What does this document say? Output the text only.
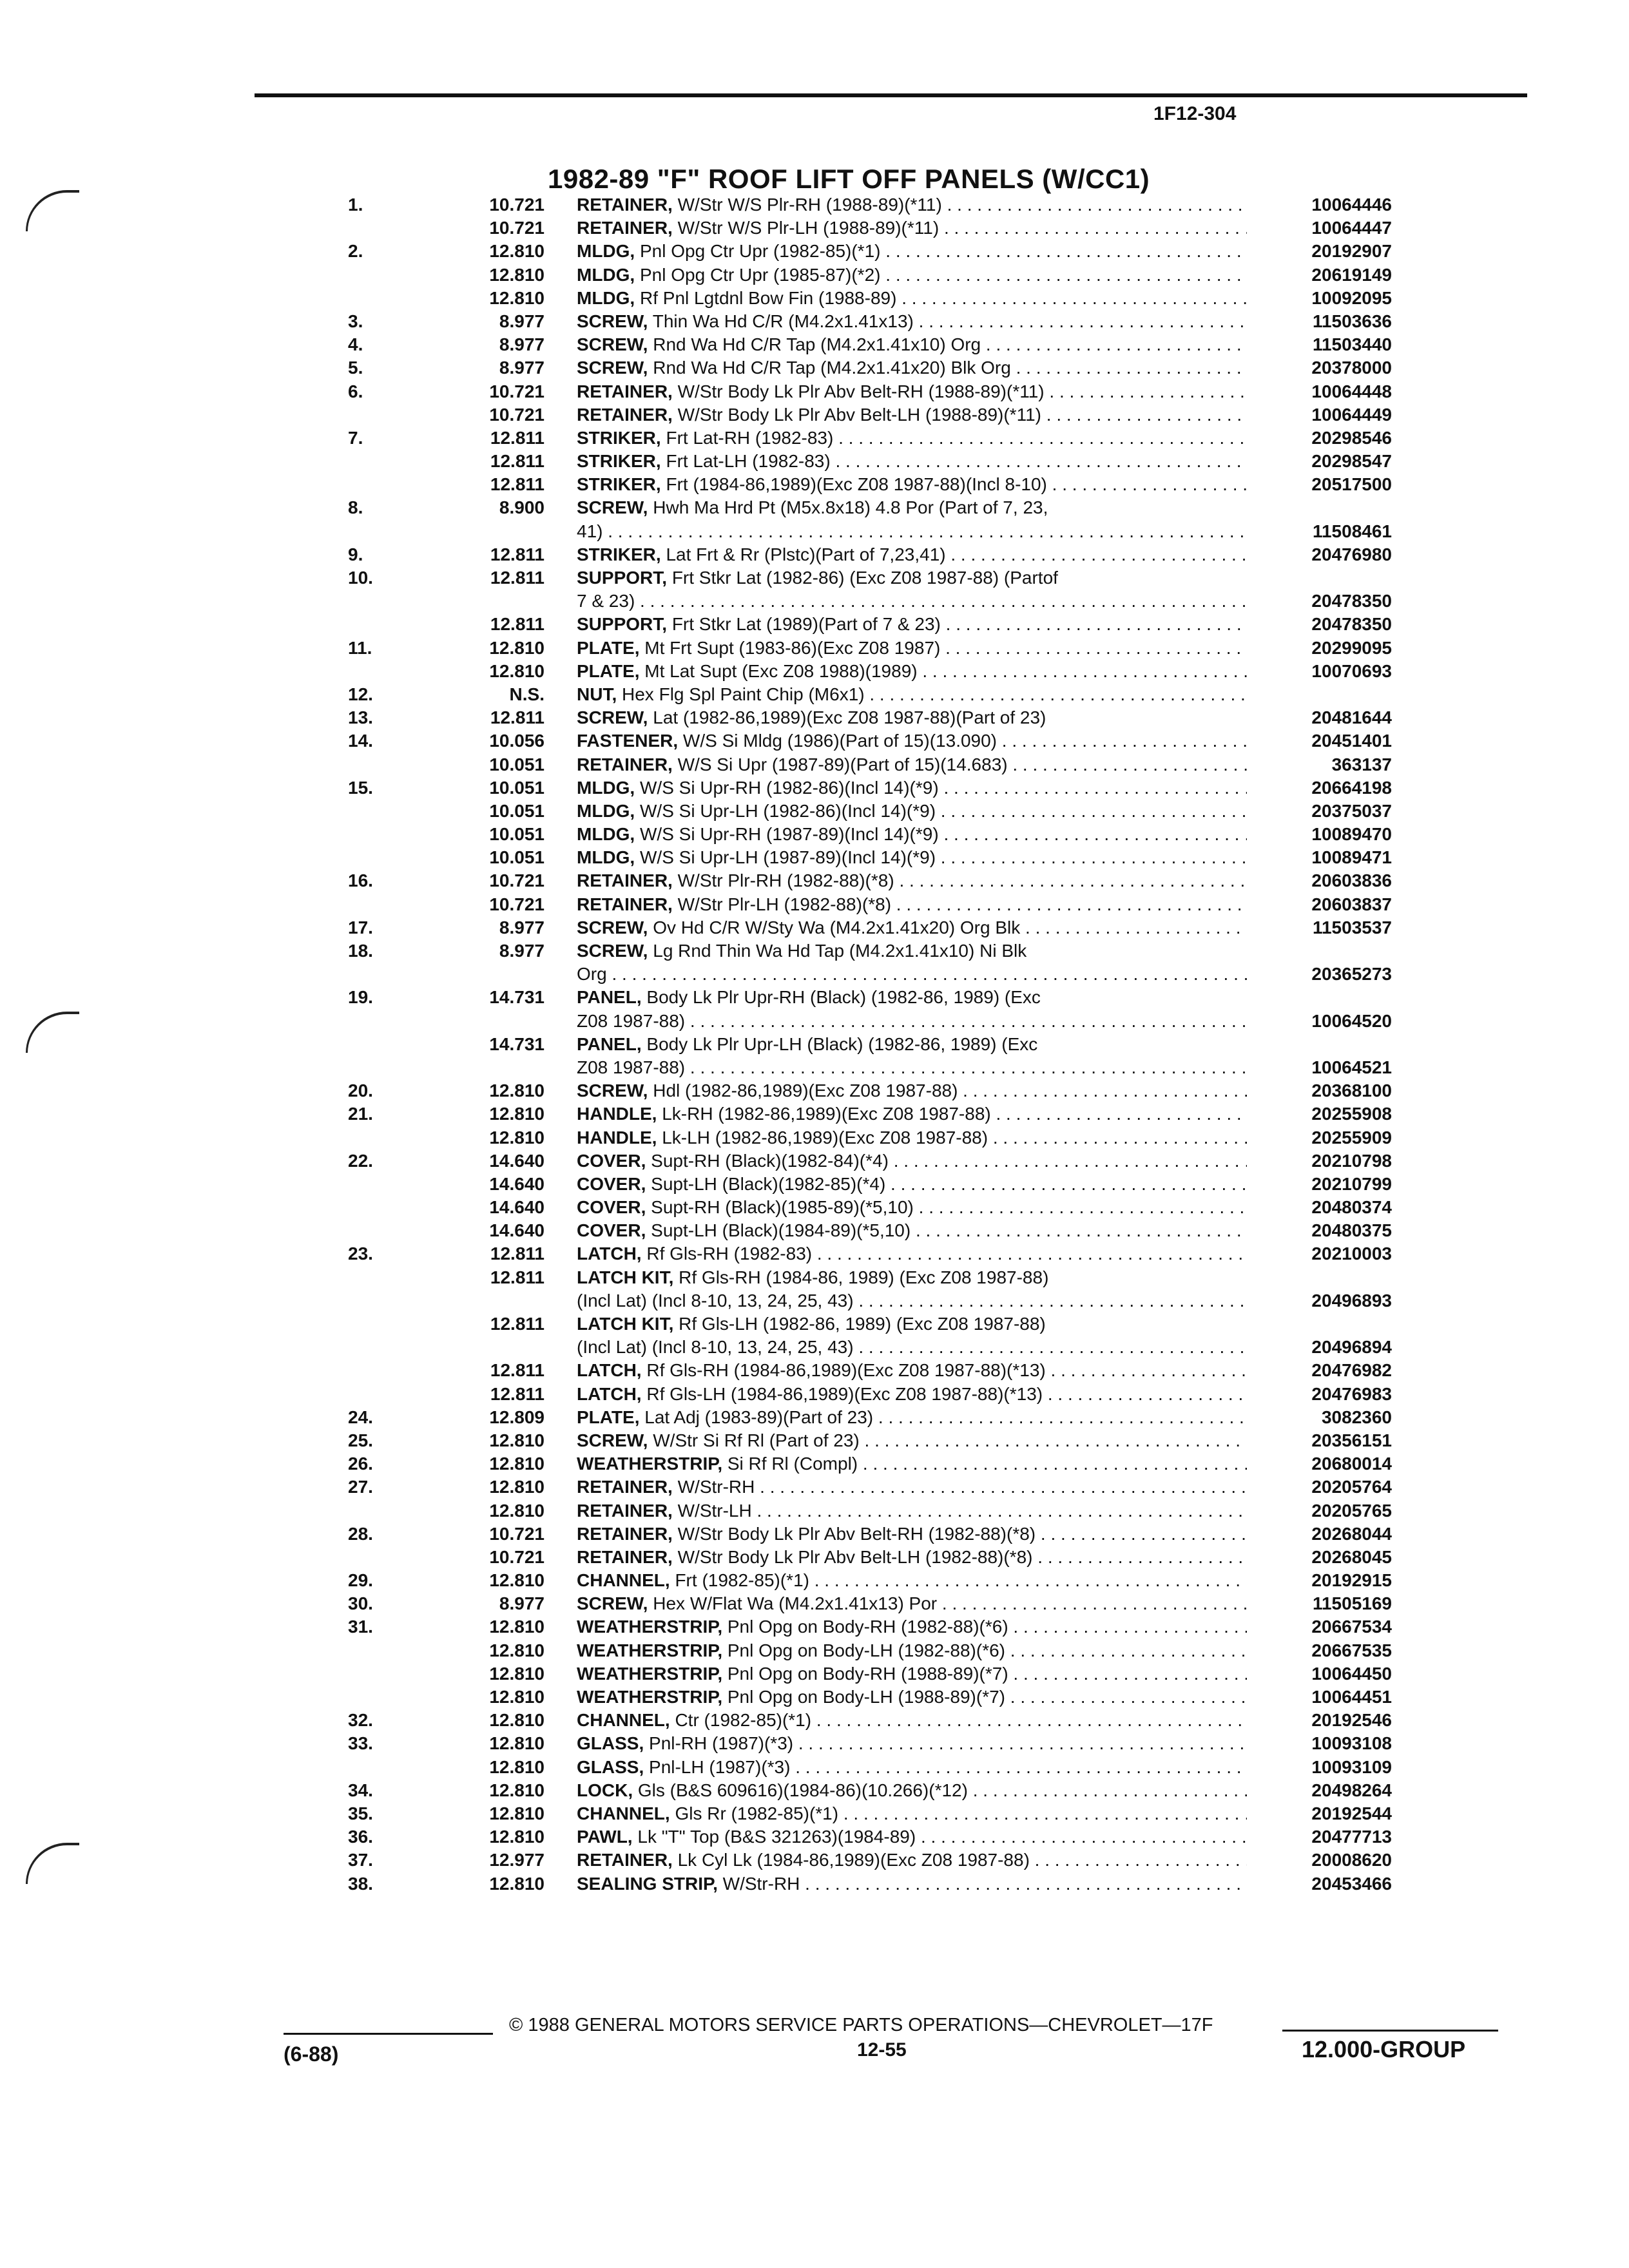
1F12-304
1982-89 "F" ROOF LIFT OFF PANELS (W/CC1)
1.	10.721 RETAINER, W/Str W/S Plr-RH (1988-89)(*11) . . .	10064446
10.721 RETAINER, W/Str W/S Plr-LH (1988-89)(*11) . . .	10064447
2.	12.810 MLDG, Pnl Opg Ctr Upr (1982-85)(*1) . . .	20192907
12.810 MLDG, Pnl Opg Ctr Upr (1985-87)(*2) . . .	20619149
12.810 MLDG, Rf Pnl Lgtdnl Bow Fin (1988-89) . . .	10092095
3.	8.977 SCREW, Thin Wa Hd C/R (M4.2x1.41x13) . . .	11503636
4.	8.977 SCREW, Rnd Wa Hd C/R Tap (M4.2x1.41x10) Org . . .	11503440
5.	8.977 SCREW, Rnd Wa Hd C/R Tap (M4.2x1.41x20) Blk Org . . .	20378000
6.	10.721 RETAINER, W/Str Body Lk Plr Abv Belt-RH (1988-89)(*11) . . .	10064448
10.721 RETAINER, W/Str Body Lk Plr Abv Belt-LH (1988-89)(*11) . . .	10064449
7.	12.811 STRIKER, Frt Lat-RH (1982-83) . . .	20298546
12.811 STRIKER, Frt Lat-LH (1982-83) . . .	20298547
12.811 STRIKER, Frt (1984-86,1989)(Exc Z08 1987-88)(Incl 8-10) . . .	20517500
8.	8.900 SCREW, Hwh Ma Hrd Pt (M5x.8x18) 4.8 Por (Part of 7, 23,
41) . . .	11508461
9.	12.811 STRIKER, Lat Frt & Rr (Plstc)(Part of 7,23,41) . . .	20476980
10.	12.811 SUPPORT, Frt Stkr Lat (1982-86) (Exc Z08 1987-88) (Partof
7 & 23) . . .	20478350
12.811 SUPPORT, Frt Stkr Lat (1989)(Part of 7 & 23) . . .	20478350
11.	12.810 PLATE, Mt Frt Supt (1983-86)(Exc Z08 1987) . . .	20299095
12.810 PLATE, Mt Lat Supt (Exc Z08 1988)(1989) . . .	10070693
12.	N.S. NUT, Hex Flg Spl Paint Chip (M6x1) . . .
13.	12.811 SCREW, Lat (1982-86,1989)(Exc Z08 1987-88)(Part of 23)	20481644
14.	10.056 FASTENER, W/S Si Mldg (1986)(Part of 15)(13.090) . . .	20451401
10.051 RETAINER, W/S Si Upr (1987-89)(Part of 15)(14.683) . . .	363137
15.	10.051 MLDG, W/S Si Upr-RH (1982-86)(Incl 14)(*9) . . .	20664198
10.051 MLDG, W/S Si Upr-LH (1982-86)(Incl 14)(*9) . . .	20375037
10.051 MLDG, W/S Si Upr-RH (1987-89)(Incl 14)(*9) . . .	10089470
10.051 MLDG, W/S Si Upr-LH (1987-89)(Incl 14)(*9) . . .	10089471
16.	10.721 RETAINER, W/Str Plr-RH (1982-88)(*8) . . .	20603836
10.721 RETAINER, W/Str Plr-LH (1982-88)(*8) . . .	20603837
17.	8.977 SCREW, Ov Hd C/R W/Sty Wa (M4.2x1.41x20) Org Blk . . .	11503537
18.	8.977 SCREW, Lg Rnd Thin Wa Hd Tap (M4.2x1.41x10) Ni Blk
Org . . .	20365273
19.	14.731 PANEL, Body Lk Plr Upr-RH (Black) (1982-86, 1989) (Exc
Z08 1987-88) . . .	10064520
14.731 PANEL, Body Lk Plr Upr-LH (Black) (1982-86, 1989) (Exc
Z08 1987-88) . . .	10064521
20.	12.810 SCREW, Hdl (1982-86,1989)(Exc Z08 1987-88) . . .	20368100
21.	12.810 HANDLE, Lk-RH (1982-86,1989)(Exc Z08 1987-88) . . .	20255908
12.810 HANDLE, Lk-LH (1982-86,1989)(Exc Z08 1987-88) . . .	20255909
22.	14.640 COVER, Supt-RH (Black)(1982-84)(*4) . . .	20210798
14.640 COVER, Supt-LH (Black)(1982-85)(*4) . . .	20210799
14.640 COVER, Supt-RH (Black)(1985-89)(*5,10) . . .	20480374
14.640 COVER, Supt-LH (Black)(1984-89)(*5,10) . . .	20480375
23.	12.811 LATCH, Rf Gls-RH (1982-83) . . .	20210003
12.811 LATCH KIT, Rf Gls-RH (1984-86, 1989) (Exc Z08 1987-88)
(Incl Lat) (Incl 8-10, 13, 24, 25, 43) . . .	20496893
12.811 LATCH KIT, Rf Gls-LH (1982-86, 1989) (Exc Z08 1987-88)
(Incl Lat) (Incl 8-10, 13, 24, 25, 43) . . .	20496894
12.811 LATCH, Rf Gls-RH (1984-86,1989)(Exc Z08 1987-88)(*13) . . .	20476982
12.811 LATCH, Rf Gls-LH (1984-86,1989)(Exc Z08 1987-88)(*13) . . .	20476983
24.	12.809 PLATE, Lat Adj (1983-89)(Part of 23) . . .	3082360
25.	12.810 SCREW, W/Str Si Rf Rl (Part of 23) . . .	20356151
26.	12.810 WEATHERSTRIP, Si Rf Rl (Compl) . . .	20680014
27.	12.810 RETAINER, W/Str-RH . . .	20205764
12.810 RETAINER, W/Str-LH . . .	20205765
28.	10.721 RETAINER, W/Str Body Lk Plr Abv Belt-RH (1982-88)(*8) . . .	20268044
10.721 RETAINER, W/Str Body Lk Plr Abv Belt-LH (1982-88)(*8) . . .	20268045
29.	12.810 CHANNEL, Frt (1982-85)(*1) . . .	20192915
30.	8.977 SCREW, Hex W/Flat Wa (M4.2x1.41x13) Por . . .	11505169
31.	12.810 WEATHERSTRIP, Pnl Opg on Body-RH (1982-88)(*6) . . .	20667534
12.810 WEATHERSTRIP, Pnl Opg on Body-LH (1982-88)(*6) . . .	20667535
12.810 WEATHERSTRIP, Pnl Opg on Body-RH (1988-89)(*7) . . .	10064450
12.810 WEATHERSTRIP, Pnl Opg on Body-LH (1988-89)(*7) . . .	10064451
32.	12.810 CHANNEL, Ctr (1982-85)(*1) . . .	20192546
33.	12.810 GLASS, Pnl-RH (1987)(*3) . . .	10093108
12.810 GLASS, Pnl-LH (1987)(*3) . . .	10093109
34.	12.810 LOCK, Gls (B&S 609616)(1984-86)(10.266)(*12) . . .	20498264
35.	12.810 CHANNEL, Gls Rr (1982-85)(*1) . . .	20192544
36.	12.810 PAWL, Lk "T" Top (B&S 321263)(1984-89) . . .	20477713
37.	12.977 RETAINER, Lk Cyl Lk (1984-86,1989)(Exc Z08 1987-88) . . .	20008620
38.	12.810 SEALING STRIP, W/Str-RH . . .	20453466
© 1988 GENERAL MOTORS SERVICE PARTS OPERATIONS—CHEVROLET—17F
(6-88)	12-55	12.000-GROUP
